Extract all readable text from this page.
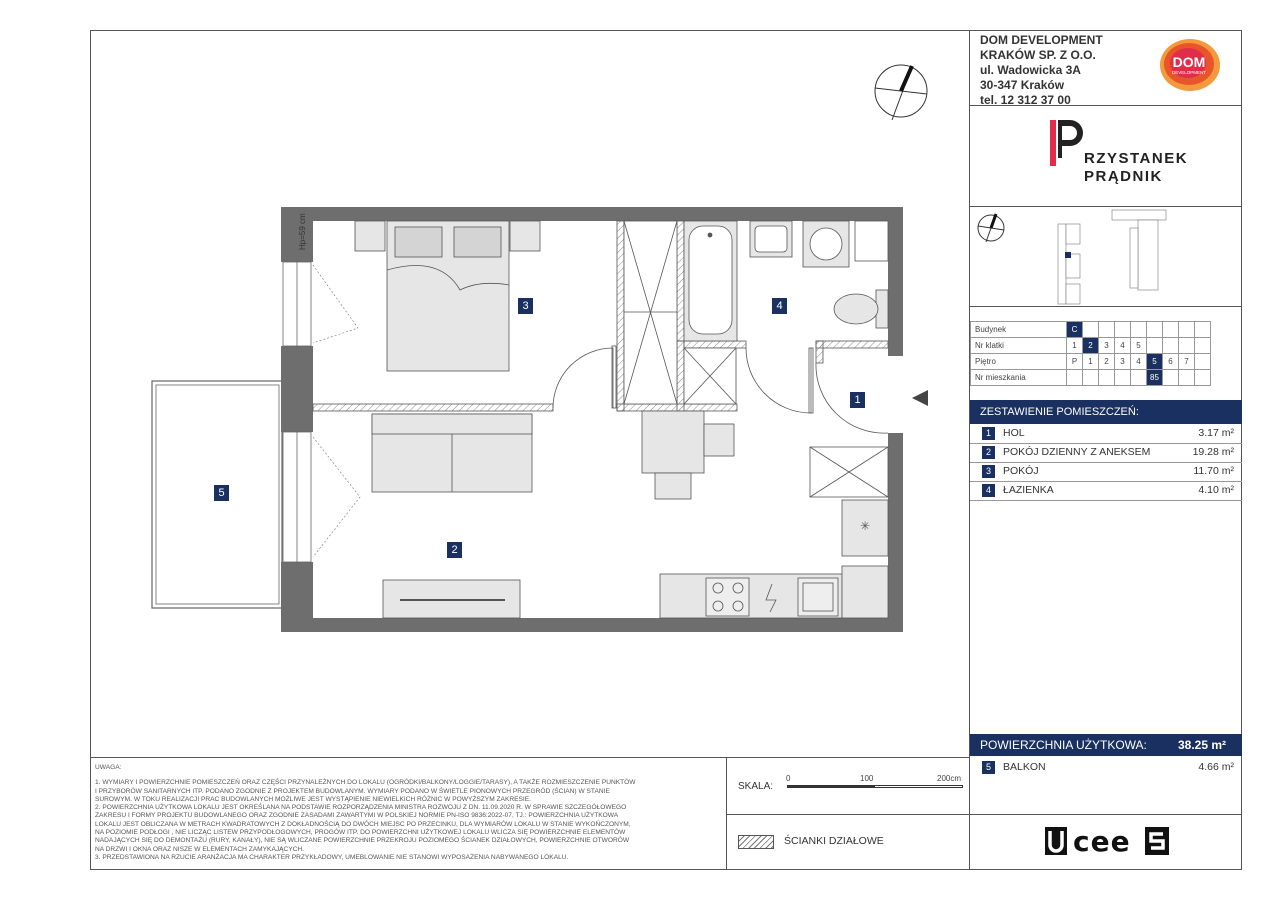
DOM DEVELOPMENT
KRAKÓW SP. Z O.O.
ul. Wadowicka 3A
30-347 Kraków
tel. 12 312 37 00
DOM
DEVELOPMENT
RZYSTANEK
PRĄDNIK
Budynek	C								
Nr klatki	1	2	3	4	5				
Piętro	P	1	2	3	4	5	6	7	
Nr mieszkania						85			
ZESTAWIENIE POMIESZCZEŃ:
1	HOL	3.17 m²
2	POKÓJ DZIENNY Z ANEKSEM	19.28 m²
3	POKÓJ	11.70 m²
4	ŁAZIENKA	4.10 m²
POWIERZCHNIA UŻYTKOWA:	38.25 m²
5	BALKON	4.66 m²
✳
1
2
3	4
5
Hp=59 cm

UWAGA:

1. WYMIARY I POWIERZCHNIE POMIESZCZEŃ ORAZ CZĘŚCI PRZYNALEŻNYCH DO LOKALU (OGRÓDKI/BALKONY/LOGGIE/TARASY), A TAKŻE ROZMIESZCZENIE PUNKTÓW

I PRZYBORÓW SANITARNYCH ITP. PODANO ZGODNIE Z PROJEKTEM BUDOWLANYM. WYMIARY PODANO W ŚWIETLE PIONOWYCH PRZEGRÓD (ŚCIAN) W STANIE

SUROWYM. W TOKU REALIZACJI PRAC BUDOWLANYCH MOŻLIWE JEST WYSTĄPIENIE NIEWIELKICH RÓŻNIC W POWYŻSZYM ZAKRESIE.

2. POWIERZCHNIA UŻYTKOWA LOKALU JEST OKREŚLANA NA PODSTAWIE ROZPORZĄDZENIA MINISTRA ROZWOJU Z DN. 11.09.2020 R. W SPRAWIE SZCZEGÓŁOWEGO

ZAKRESU I FORMY PROJEKTU BUDOWLANEGO ORAZ ZGODNIE ZASADAMI ZAWARTYMI W POLSKIEJ NORMIE PN-ISO 9836:2022-07, TJ.: POWIERZCHNIA UŻYTKOWA

LOKALU JEST OBLICZANA W METRACH KWADRATOWYCH Z DOKŁADNOŚCIĄ DO DWÓCH MIEJSC PO PRZECINKU, DLA WYMIARÓW LOKALU W STANIE WYKOŃCZONYM,

NA POZIOMIE PODŁOGI , NIE LICZĄC LISTEW PRZYPODŁOGOWYCH, PROGÓW ITP. DO POWIERZCHNI UŻYTKOWEJ LOKALU WLICZA SIĘ POWIERZCHNIE ELEMENTÓW

NADAJĄCYCH SIĘ DO DEMONTAŻU (RURY, KANAŁY), NIE SĄ WLICZANE POWIERZCHNIE PRZEKROJU POZIOMEGO ŚCIANEK DZIAŁOWYCH, POWIERZCHNIE OTWORÓW

NA DRZWI I OKNA ORAZ NISZE W ELEMENTACH ZAMYKAJĄCYCH.

3. PRZEDSTAWIONA NA RZUCIE ARANŻACJA MA CHARAKTER PRZYKŁADOWY, UMEBLOWANIE NIE STANOWI WYPOSAŻENIA NABYWANEGO LOKALU.

SKALA:
0	100	200cm
ŚCIANKI DZIAŁOWE	cee
